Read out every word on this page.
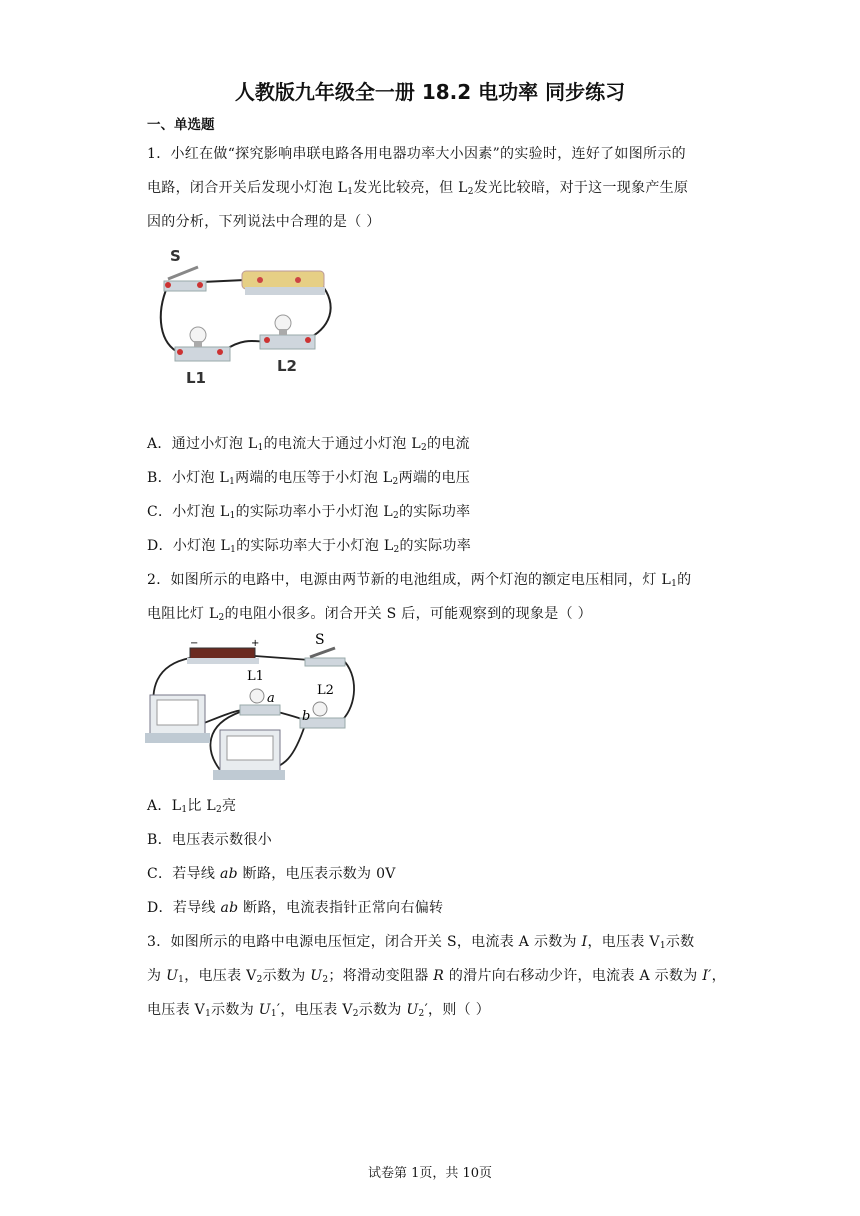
人教版九年级全一册 18.2 电功率 同步练习
一、单选题
1．小红在做“探究影响串联电路各用电器功率大小因素”的实验时，连好了如图所示的
电路，闭合开关后发现小灯泡 $L_1$发光比较亮，但 $L_2$发光比较暗，对于这一现象产生原
因的分析，下列说法中合理的是（ ）
S
L1
L2
A．通过小灯泡 $L_1$的电流大于通过小灯泡 $L_2$的电流
B．小灯泡 $L_1$两端的电压等于小灯泡 $L_2$两端的电压
C．小灯泡 $L_1$的实际功率小于小灯泡 $L_2$的实际功率
D．小灯泡 $L_1$的实际功率大于小灯泡 $L_2$的实际功率
2．如图所示的电路中，电源由两节新的电池组成，两个灯泡的额定电压相同，灯 $L_1$的
电阻比灯 $L_2$的电阻小很多。闭合开关 S 后，可能观察到的现象是（ ）
−	+	S
L1
a
L2
b
A．$L_1$比 $L_2$亮
B．电压表示数很小
C．若导线 ab 断路，电压表示数为 0V
D．若导线 ab 断路，电流表指针正常向右偏转
3．如图所示的电路中电源电压恒定，闭合开关 S，电流表 A 示数为 I，电压表 $V_1$示数
为 $U_1$，电压表 $V_2$示数为 $U_2$；将滑动变阻器 R 的滑片向右移动少许，电流表 A 示数为 I′，
电压表 $V_1$示数为 $U_1'$，电压表 $V_2$示数为 $U_2'$，则（ ）
试卷第 1页，共 10页
